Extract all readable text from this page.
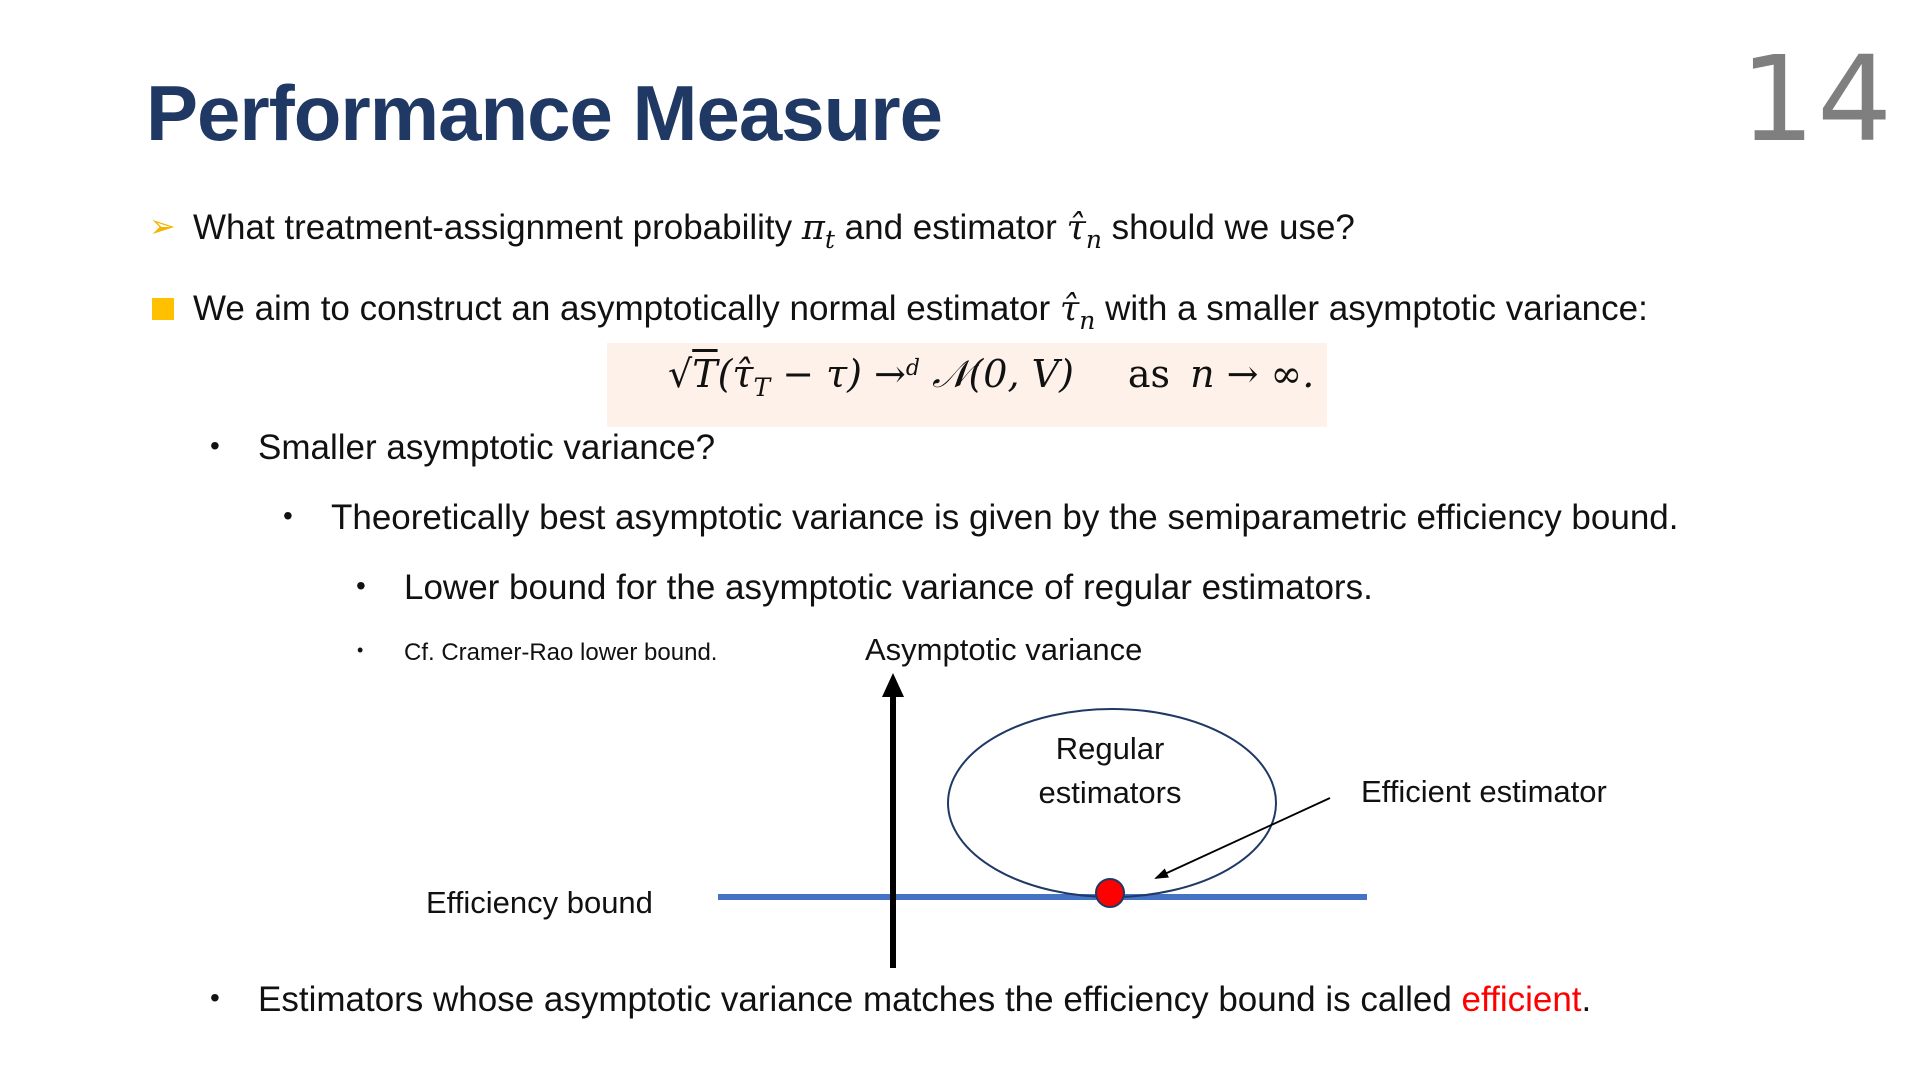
Performance Measure	14
➢ What treatment-assignment probability $\pi_t$ and estimator $\taû_n$ should we use?
We aim to construct an asymptotically normal estimator $\taû_n$ with a smaller asymptotic variance:
$√T(\taû_T - \tau) \to^d$ 𝒩(0, V) as n → ∞.
• Smaller asymptotic variance?
• Theoretically best asymptotic variance is given by the semiparametric efficiency bound.
• Lower bound for the asymptotic variance of regular estimators.
• Cf. Cramer-Rao lower bound.	Asymptotic variance
Regular
estimators	Efficient estimator
Efficiency bound
• Estimators whose asymptotic variance matches the efficiency bound is called efficient.
